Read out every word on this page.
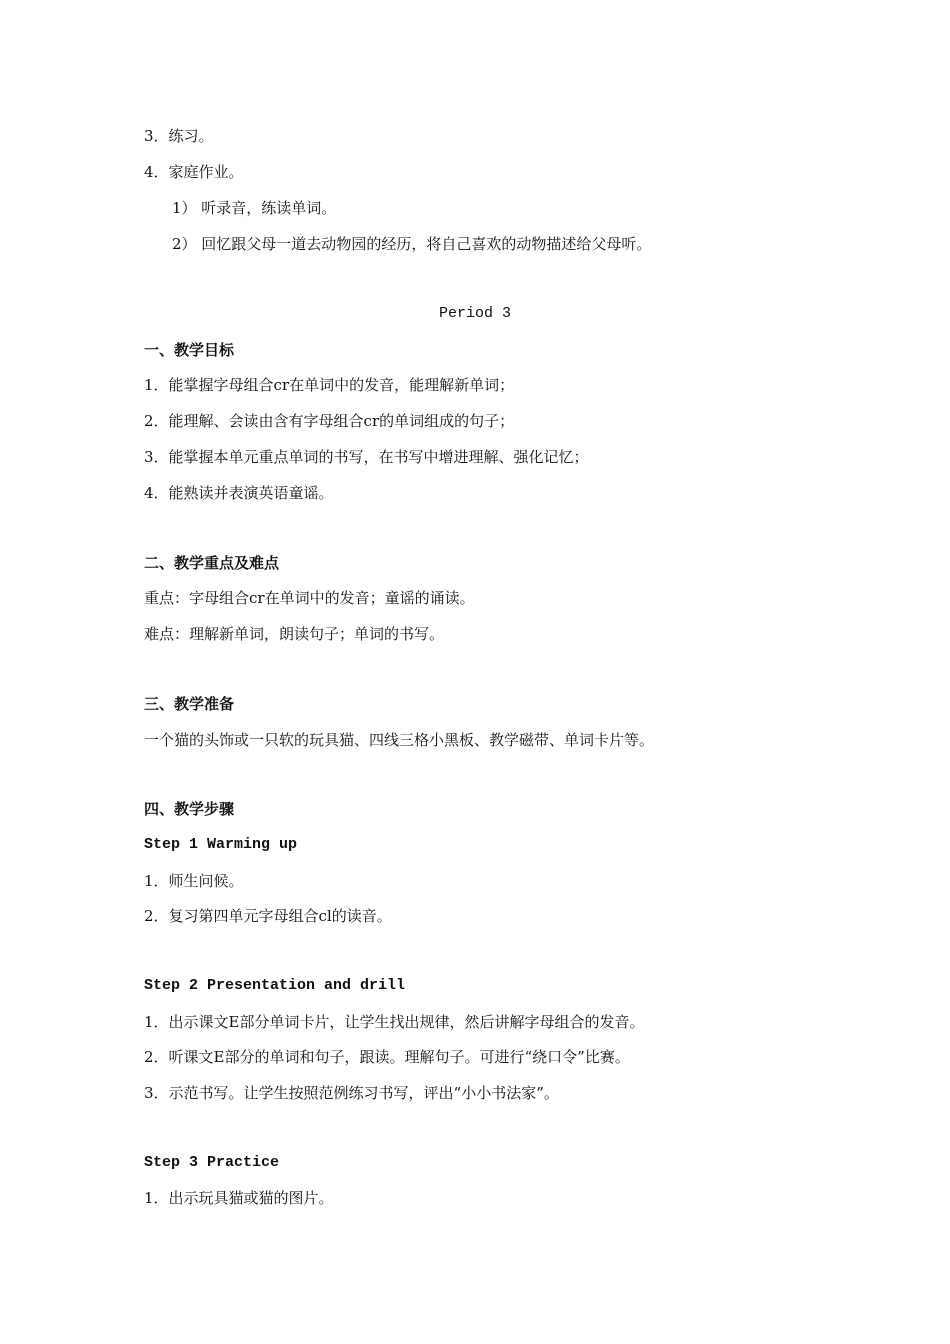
3．练习。
4．家庭作业。
1） 听录音，练读单词。
2） 回忆跟父母一道去动物园的经历，将自己喜欢的动物描述给父母听。
Period 3
一、教学目标
1．能掌握字母组合cr在单词中的发音，能理解新单词；
2．能理解、会读由含有字母组合cr的单词组成的句子；
3．能掌握本单元重点单词的书写，在书写中增进理解、强化记忆；
4．能熟读并表演英语童谣。
二、教学重点及难点
重点：字母组合cr在单词中的发音；童谣的诵读。
难点：理解新单词，朗读句子；单词的书写。
三、教学准备
一个猫的头饰或一只软的玩具猫、四线三格小黑板、教学磁带、单词卡片等。
四、教学步骤
Step 1 Warming up
1．师生问候。
2．复习第四单元字母组合cl的读音。
Step 2 Presentation and drill
1．出示课文E部分单词卡片，让学生找出规律，然后讲解字母组合的发音。
2．听课文E部分的单词和句子，跟读。理解句子。可进行“绕口令”比赛。
3．示范书写。让学生按照范例练习书写，评出“小小书法家”。
Step 3 Practice
1．出示玩具猫或猫的图片。
